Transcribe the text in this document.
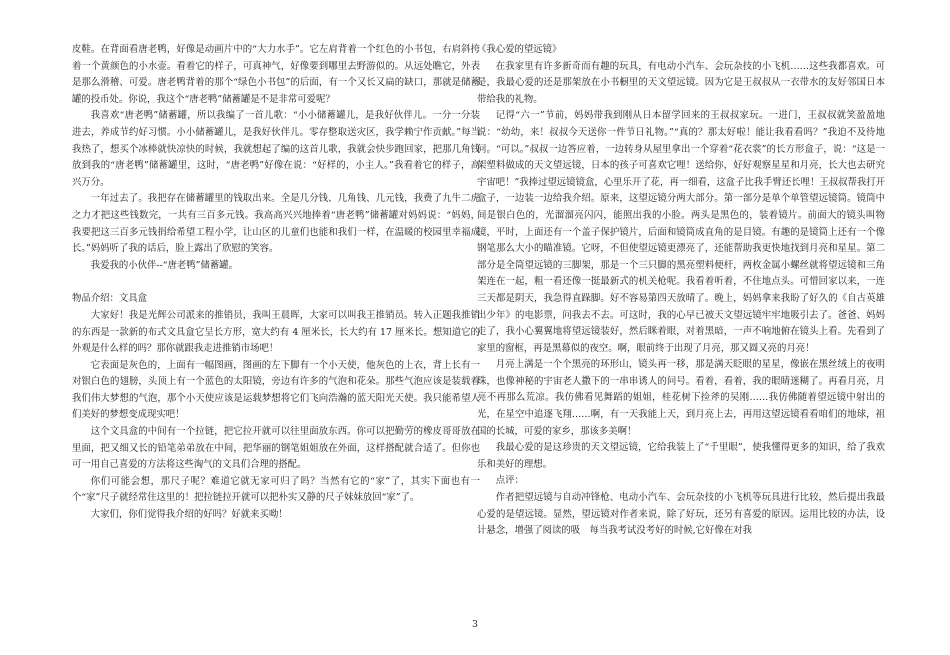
皮鞋。在背面看唐老鸭，好像是动画片中的“大力水手”。它左肩背着一个红色的小书包，右肩斜挎着一个黄颜色的小水壶。看着它的样子，可真神气，好像要到哪里去野游似的。从远处瞧它，外表是那么滑稽、可爱。唐老鸭背着的那个“绿色小书包”的后面，有一个又长又扁的缺口，那就是储蓄罐的投币处。你说，我这个“唐老鸭”储蓄罐是不是非常可爱呢？

我喜欢“唐老鸭”储蓄罐，所以我编了一首儿歌：“小小储蓄罐儿，是我好伙伴儿。一分一分装进去，养成节约好习惯。小小储蓄罐儿，是我好伙伴儿。零存整取送灾区，我学赖宁作贡献。”每当我热了，想买个冰棒就快凉快的时候，我就想起了编的这首儿歌，我就会快步跑回家，把那几角钱放到我的“唐老鸭”储蓄罐里，这时，“唐老鸭”好像在说：“好样的，小主人。”我看着它的样子，高兴万分。

一年过去了。我把存在储蓄罐里的钱取出来。全是几分钱、几角钱、几元钱，我费了九牛二虎之力才把这些钱数完，一共有三百多元钱。我高高兴兴地捧着“唐老鸭”储蓄罐对妈妈说：“妈妈，我要把这三百多元钱捐给希望工程小学，让山区的儿童们也能和我们一样，在温暖的校园里幸福成长。”妈妈听了我的话后，脸上露出了欣慰的笑容。

我爱我的小伙伴--“唐老鸭”储蓄罐。

物品介绍：文具盒

大家好！我是光辉公司派来的推销员，我叫王晨晖，大家可以叫我王推销员。转入正题我推销的东西是一款新的布式文具盒它呈长方形，宽大约有 4 厘米长，长大约有 17 厘米长。想知道它的外观是什么样的吗？那你就跟我走进推销市场吧！

它表面是灰色的，上面有一幅图画，图画的左下脚有一个小天使，他灰色的上衣，背上长有一对银白色的翅膀，头顶上有一个蓝色的太阳镜，旁边有许多的气泡和花朵。那些气泡应该是装载着我们伟大梦想的气泡，那个小天使应该是运载梦想将它们飞向浩瀚的蓝天阳光天使。我只能希望人们美好的梦想变成现实吧！

这个文具盒的中间有一个拉链，把它拉开就可以往里面放东西。你可以把勤劳的橡皮哥哥放在里面，把又细又长的铅笔弟弟放在中间，把华丽的钢笔姐姐放在外面，这样搭配就合适了。但你也可一用自己喜爱的方法将这些淘气的文具们合理的搭配。

你们可能会想，那尺子呢？难道它就无家可归了吗？当然有它的“家”了，其实下面也有一个“家”尺子就经常住这里的！把拉链拉开就可以把朴实又静的尺子妹妹放回“家”了。

大家们，你们觉得我介绍的好吗？好就来买呦！

《我心爱的望远镜》

在我家里有许多新奇而有趣的玩具，有电动小汽车、会玩杂技的小飞机……这些我都喜欢。可是，我最心爱的还是那架放在小书橱里的天文望远镜。因为它是王叔叔从一衣带水的友好邻国日本带给我的礼物。

记得“六一”节前，妈妈带我到刚从日本留学回来的王叔叔家玩。一进门，王叔叔就笑盈盈地说：“幼幼，来！叔叔今天送你一件节日礼物。”“真的？那太好啦！能让我看看吗？”我迫不及待地问。“可以。”叔叔一边答应着，一边转身从屋里拿出一个穿着“花衣裳”的长方形盒子，说：“这是一架塑料做成的天文望远镜，日本的孩子可喜欢它哩！送给你，好好观察星星和月亮，长大也去研究宇宙吧！”我捧过望远镜镜盒，心里乐开了花，再一细看，这盒子比我手臂还长哩！王叔叔帮我打开盒子，一边装一边给我介绍。原来，这望远镜分两大部分。第一部分是单个单管望远镜筒。镜筒中间是银白色的，光溜溜亮闪闪，能照出我的小脸。两头是黑色的，装着镜片。前面大的镜头叫物镜，平时，上面还有一个盖子保护镜片，后面和镜筒成直角的是目镜。有趣的是镜筒上还有一个像钢笔那么大小的瞄准镜。它呀，不但使望远镜更漂亮了，还能帮助我更快地找到月亮和星星。第二部分是全筒望远镜的三脚架，那是一个三只脚的黑亮塑料便杆，两枚金属小螺丝就将望远镜和三角架连在一起，粗一看还像一挺最新式的机关枪呢。我看着听着，不住地点头。可惜回家以来，一连三天都是阴天，我急得直跺脚。好不容易第四天放晴了。晚上，妈妈拿来我盼了好久的《自古英雄出少年》的电影票，问我去不去。可这时，我的心早已被天文望远镜牢牢地吸引去了。爸爸、妈妈走了，我小心翼翼地将望远镜装好，然后眯着眼，对着黑暗，一声不响地俯在镜头上看。先看到了家里的窗框，再是黑幕似的夜空。啊，眼前终于出现了月亮，那又圆又亮的月亮！

月亮上满是一个个黑亮的环形山，镜头再一移，那是满天眨眼的星星，像嵌在黑丝绒上的夜明珠，也像神秘的宇宙老人撒下的一串串诱人的问号。看着，看着，我的眼睛迷糊了。再看月亮，月亮不再那么荒凉。我仿佛看见舞蹈的姐姐，桂花树下捡斧的吴刚……我仿佛随着望远镜中射出的光，在星空中追逐飞翔……啊，有一天我能上天，到月亮上去，再用这望远镜看看咱们的地球，祖国的长城，可爱的家乡，那该多美啊！

我最心爱的是这珍贵的天文望远镜，它给我装上了“千里眼”，使我懂得更多的知识，给了我欢乐和美好的理想。

点评：

作者把望远镜与自动冲锋枪、电动小汽车、会玩杂技的小飞机等玩具进行比较，然后提出我最心爱的是望远镜。显然，望远镜对作者来说，除了好玩，还另有喜爱的原因。运用比较的办法，设计悬念，增强了阅读的吸　每当我考试没考好的时候,它好像在对我

3
